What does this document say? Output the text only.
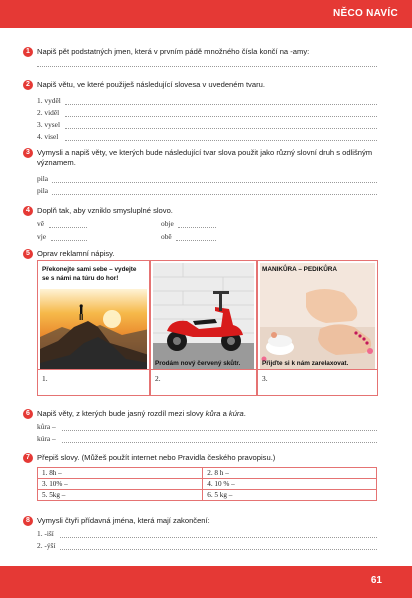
NĚCO NAVÍC
1 Napiš pět podstatných jmen, která v prvním pádě množného čísla končí na -amy:
2 Napiš větu, ve které použiješ následující slovesa v uvedeném tvaru.
1. vyděl
2. viděl
3. vysel
4. visel
3 Vymysli a napiš věty, ve kterých bude následující tvar slova použit jako různý slovní druh s odlišným významem.
pila
pila
4 Doplň tak, aby vzniklo smysluplné slovo.
vě
vje
obje
obě
5 Oprav reklamní nápisy.
Překonejte sami sebe – vydejte se s námi na túru do hor!
1.
Prodám nový červený skůtr.
2.
MANIKŮRA – PEDIKŮRA
Přijďte si k nám zarelaxovat.
3.
6 Napiš věty, z kterých bude jasný rozdíl mezi slovy kůra a kúra.
kůra –
kúra –
7 Přepiš slovy. (Můžeš použít internet nebo Pravidla českého pravopisu.)
1. 8h –	2. 8 h –
3. 10% –	4. 10 % –
5. 5kg –	6. 5 kg –
8 Vymysli čtyři přídavná jména, která mají zakončení:
1. -iší
2. -ýší
61
